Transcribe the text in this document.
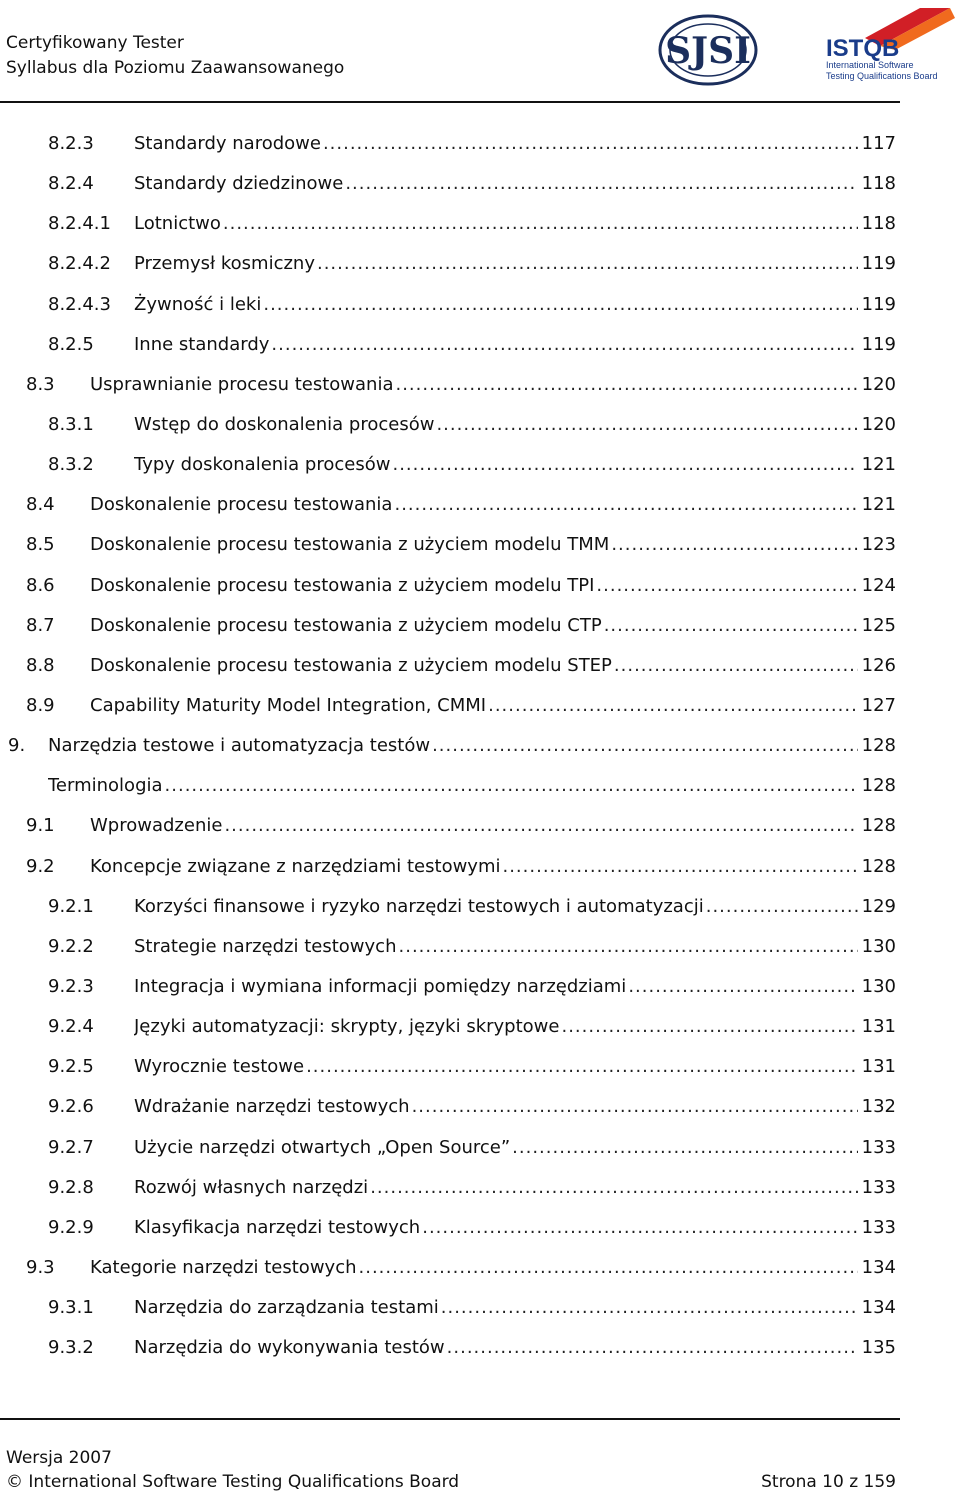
Certyfikowany Tester
Syllabus dla Poziomu Zaawansowanego	SJSI	ISTQB
International Software
Testing Qualifications Board
8.2.3 Standardy narodowe .....	117
8.2.4 Standardy dziedzinowe .....	118
8.2.4.1 Lotnictwo .....	118
8.2.4.2 Przemysł kosmiczny .....	119
8.2.4.3 Żywność i leki .....	119
8.2.5 Inne standardy .....	119
8.3 Usprawnianie procesu testowania .....	120
8.3.1 Wstęp do doskonalenia procesów .....	120
8.3.2 Typy doskonalenia procesów .....	121
8.4 Doskonalenie procesu testowania .....	121
8.5 Doskonalenie procesu testowania z użyciem modelu TMM .....	123
8.6 Doskonalenie procesu testowania z użyciem modelu TPI .....	124
8.7 Doskonalenie procesu testowania z użyciem modelu CTP .....	125
8.8 Doskonalenie procesu testowania z użyciem modelu STEP .....	126
8.9 Capability Maturity Model Integration, CMMI .....	127
9. Narzędzia testowe i automatyzacja testów .....	128
Terminologia .....	128
9.1 Wprowadzenie .....	128
9.2 Koncepcje związane z narzędziami testowymi .....	128
9.2.1 Korzyści finansowe i ryzyko narzędzi testowych i automatyzacji .....	129
9.2.2 Strategie narzędzi testowych .....	130
9.2.3 Integracja i wymiana informacji pomiędzy narzędziami .....	130
9.2.4 Języki automatyzacji: skrypty, języki skryptowe .....	131
9.2.5 Wyrocznie testowe .....	131
9.2.6 Wdrażanie narzędzi testowych .....	132
9.2.7 Użycie narzędzi otwartych „Open Source” .....	133
9.2.8 Rozwój własnych narzędzi .....	133
9.2.9 Klasyfikacja narzędzi testowych .....	133
9.3 Kategorie narzędzi testowych .....	134
9.3.1 Narzędzia do zarządzania testami .....	134
9.3.2 Narzędzia do wykonywania testów .....	135
Wersja 2007
© International Software Testing Qualifications Board	Strona 10 z 159
